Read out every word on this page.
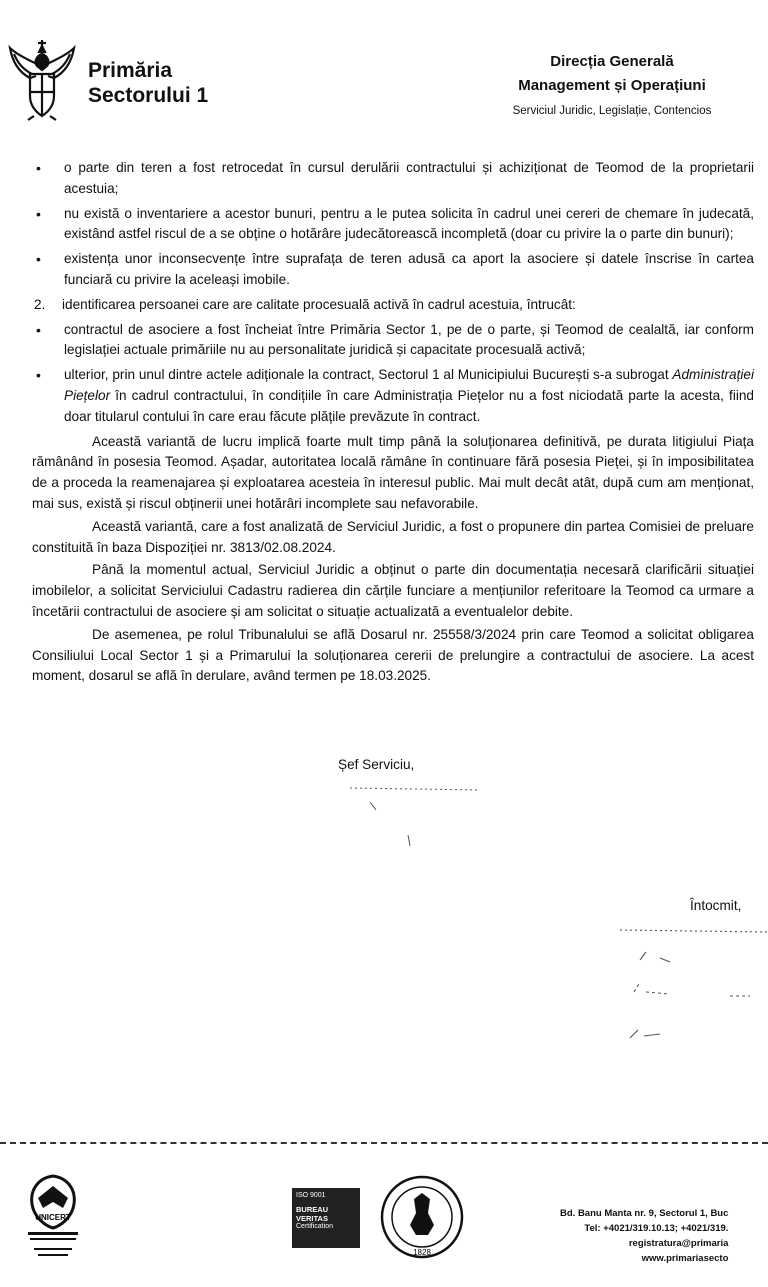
Primăria
Sectorului 1
Direcția Generală
Management și Operațiuni
Serviciul Juridic, Legislație, Contencios
• o parte din teren a fost retrocedat în cursul derulării contractului și achiziționat de Teomod de la proprietarii acestuia;
• nu există o inventariere a acestor bunuri, pentru a le putea solicita în cadrul unei cereri de chemare în judecată, existând astfel riscul de a se obține o hotărâre judecătorească incompletă (doar cu privire la o parte din bunuri);
• existența unor inconsecvențe între suprafața de teren adusă ca aport la asociere și datele înscrise în cartea funciară cu privire la aceleași imobile.
2. identificarea persoanei care are calitate procesuală activă în cadrul acestuia, întrucât:
• contractul de asociere a fost încheiat între Primăria Sector 1, pe de o parte, și Teomod de cealaltă, iar conform legislației actuale primăriile nu au personalitate juridică și capacitate procesuală activă;
• ulterior, prin unul dintre actele adiționale la contract, Sectorul 1 al Municipiului București s-a subrogat Administrației Piețelor în cadrul contractului, în condițiile în care Administrația Piețelor nu a fost niciodată parte la acesta, fiind doar titularul contului în care erau făcute plățile prevăzute în contract.

Această variantă de lucru implică foarte mult timp până la soluționarea definitivă, pe durata litigiului Piața rămânând în posesia Teomod. Așadar, autoritatea locală rămâne în continuare fără posesia Pieței, și în imposibilitatea de a proceda la reamenajarea și exploatarea acesteia în interesul public. Mai mult decât atât, după cum am menționat, mai sus, există și riscul obținerii unei hotărâri incomplete sau nefavorabile.

Această variantă, care a fost analizată de Serviciul Juridic, a fost o propunere din partea Comisiei de preluare constituită în baza Dispoziției nr. 3813/02.08.2024.

Până la momentul actual, Serviciul Juridic a obținut o parte din documentația necesară clarificării situației imobilelor, a solicitat Serviciului Cadastru radierea din cărțile funciare a mențiunilor referitoare la Teomod ca urmare a încetării contractului de asociere și am solicitat o situație actualizată a eventualelor debite.

De asemenea, pe rolul Tribunalului se află Dosarul nr. 25558/3/2024 prin care Teomod a solicitat obligarea Consiliului Local Sector 1 și a Primarului la soluționarea cererii de prelungire a contractului de asociere. La acest moment, dosarul se află în derulare, având termen pe 18.03.2025.

Șef Serviciu,
Întocmit,
UNICERT
ISO 9001
BUREAU VERITAS
Certification
1828
Bd. Banu Manta nr. 9, Sectorul 1, Buc
Tel: +4021/319.10.13; +4021/319.
registratura@primaria
www.primariasecto
